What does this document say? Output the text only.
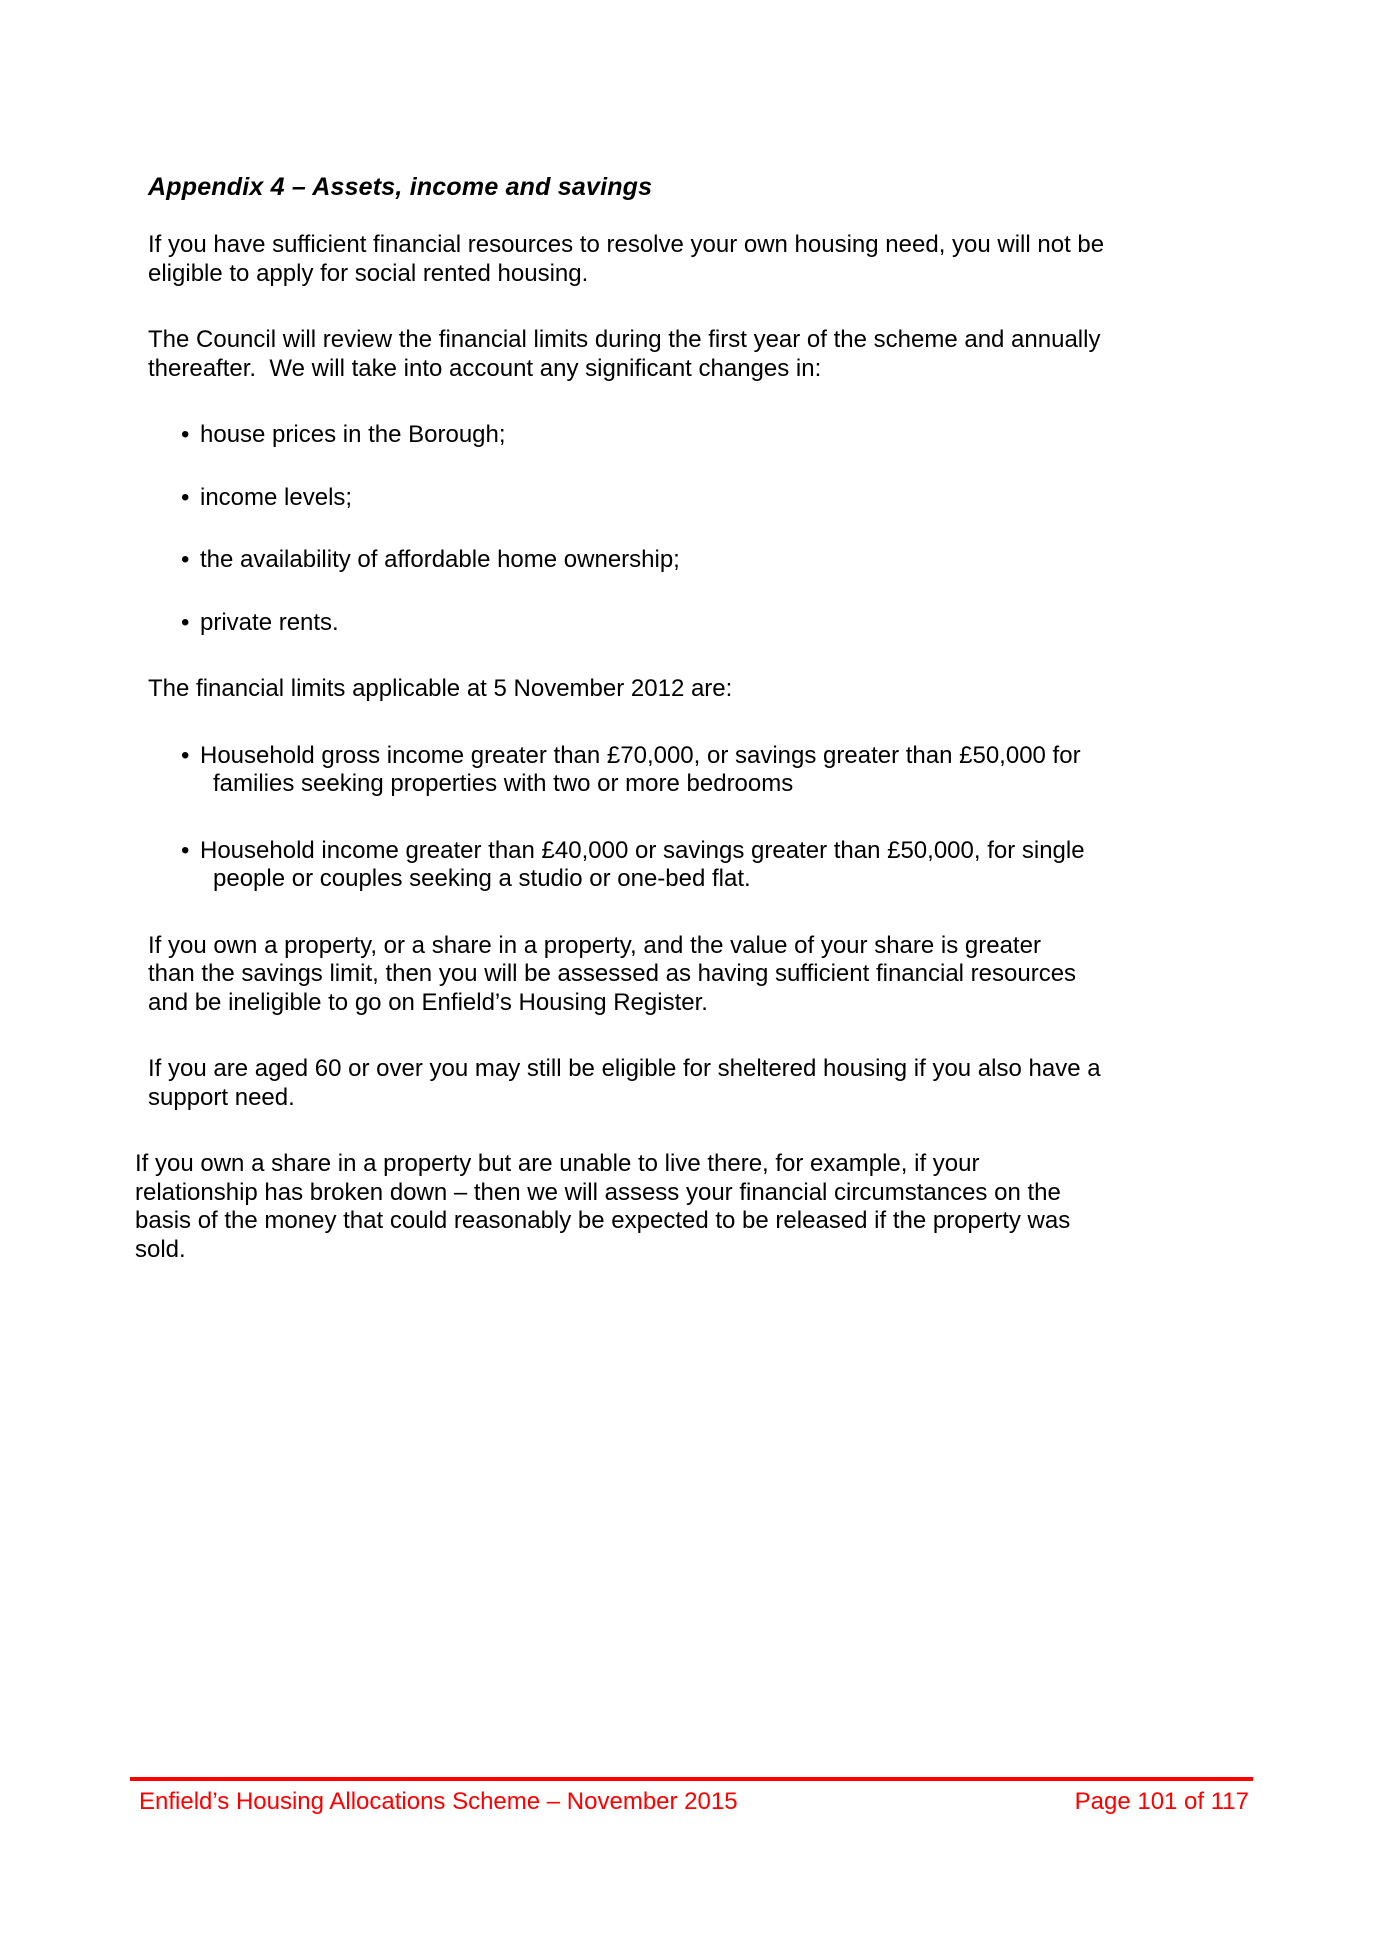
Appendix 4 – Assets, income and savings

If you have sufficient financial resources to resolve your own housing need, you will not be eligible to apply for social rented housing.

The Council will review the financial limits during the first year of the scheme and annually thereafter.  We will take into account any significant changes in:

• house prices in the Borough;
• income levels;
• the availability of affordable home ownership;
• private rents.

The financial limits applicable at 5 November 2012 are:

• Household gross income greater than £70,000, or savings greater than £50,000 for families seeking properties with two or more bedrooms
• Household income greater than £40,000 or savings greater than £50,000, for single people or couples seeking a studio or one-bed flat.

If you own a property, or a share in a property, and the value of your share is greater than the savings limit, then you will be assessed as having sufficient financial resources and be ineligible to go on Enfield’s Housing Register.

If you are aged 60 or over you may still be eligible for sheltered housing if you also have a support need.

If you own a share in a property but are unable to live there, for example, if your relationship has broken down – then we will assess your financial circumstances on the basis of the money that could reasonably be expected to be released if the property was sold.

Enfield’s Housing Allocations Scheme – November 2015	Page 101 of 117
